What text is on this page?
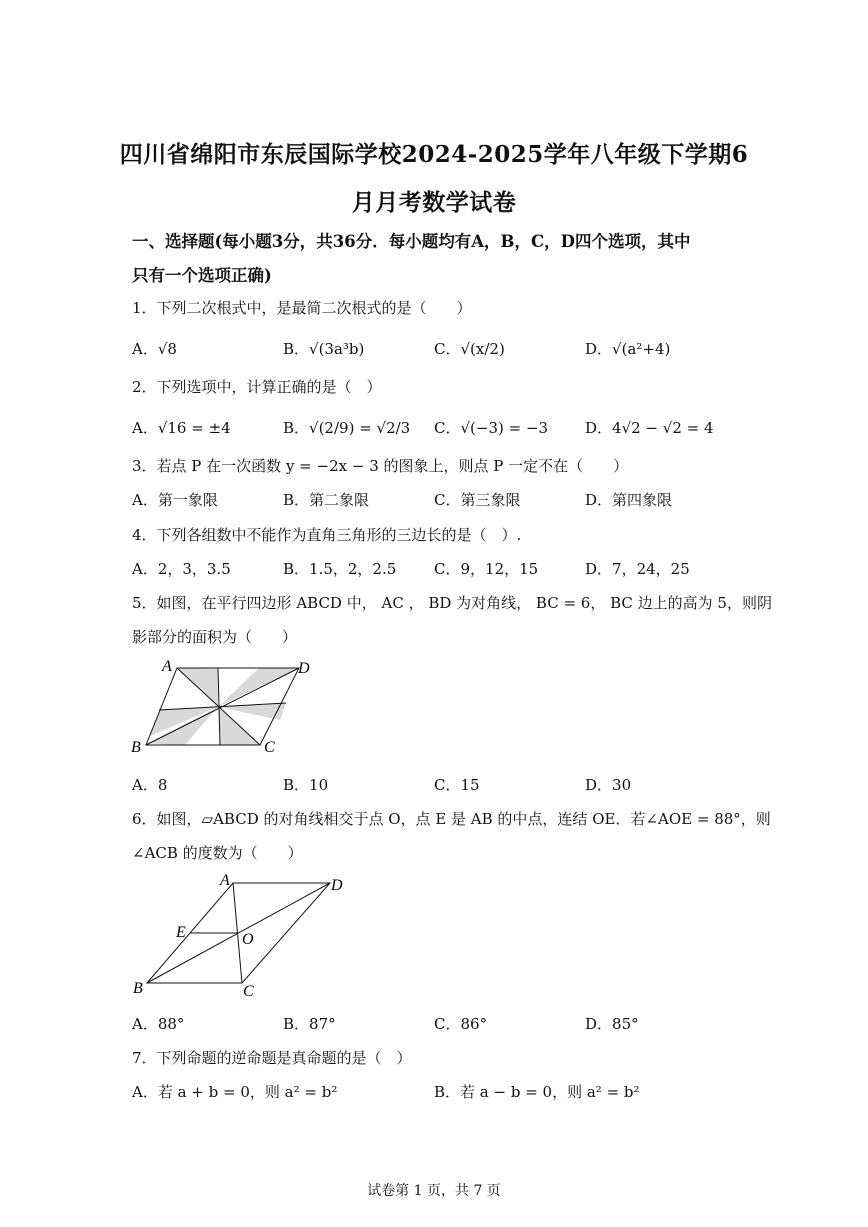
四川省绵阳市东辰国际学校2024-2025学年八年级下学期6
月月考数学试卷
一、选择题(每小题3分，共36分．每小题均有A，B，C，D四个选项，其中
只有一个选项正确)
1．下列二次根式中，是最简二次根式的是（　　）
A．√8	B．√(3a³b)	C．√(x/2)	D．√(a²+4)
2．下列选项中，计算正确的是（　）
A．√16 = ±4	B．√(2/9) = √2/3 C．√(−3) = −3 D．4√2 − √2 = 4
3．若点 P 在一次函数 y = −2x − 3 的图象上，则点 P 一定不在（　　）
A．第一象限	B．第二象限	C．第三象限	D．第四象限
4．下列各组数中不能作为直角三角形的三边长的是（　）.
A．2，3，3.5	B．1.5，2，2.5	C．9，12，15	D．7，24，25
5．如图，在平行四边形 ABCD 中， AC ， BD 为对角线， BC = 6， BC 边上的高为 5，则阴
影部分的面积为（　　）
A	D
B	C
A．8	B．10	C．15	D．30
6．如图，▱ABCD 的对角线相交于点 O，点 E 是 AB 的中点，连结 OE．若∠AOE = 88°，则
∠ACB 的度数为（　　）
A	D
E	O
B	C
A．88°	B．87°	C．86°	D．85°
7．下列命题的逆命题是真命题的是（　）
A．若 a + b = 0，则 a² = b²	B．若 a − b = 0，则 a² = b²
试卷第 1 页，共 7 页
